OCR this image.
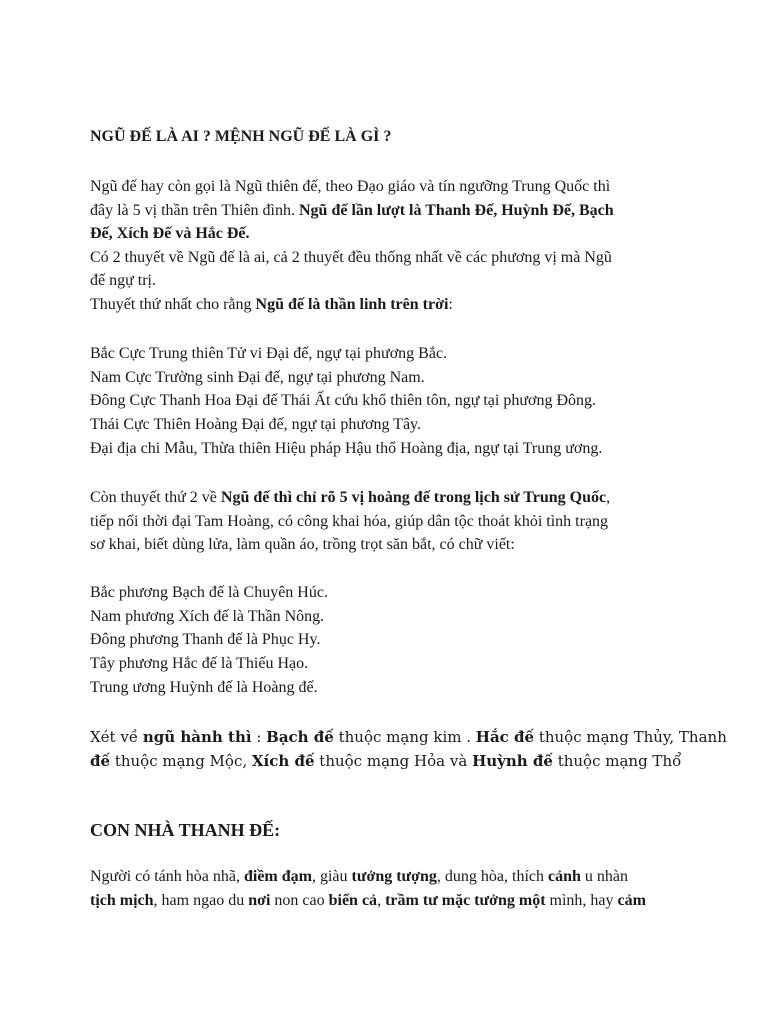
NGŨ ĐẾ LÀ AI ? MỆNH NGŨ ĐẾ LÀ GÌ ?
Ngũ đế hay còn gọi là Ngũ thiên đế, theo Đạo giáo và tín ngưỡng Trung Quốc thì
đây là 5 vị thần trên Thiên đình. Ngũ đế lần lượt là Thanh Đế, Huỳnh Đế, Bạch
Đế, Xích Đế và Hắc Đế.
Có 2 thuyết về Ngũ đế là ai, cả 2 thuyết đều thống nhất về các phương vị mà Ngũ
đế ngự trị.
Thuyết thứ nhất cho rằng Ngũ đế là thần linh trên trời:
Bắc Cực Trung thiên Tử vi Đại đế, ngự tại phương Bắc.
Nam Cực Trường sinh Đại đế, ngự tại phương Nam.
Đông Cực Thanh Hoa Đại đế Thái Ất cứu khổ thiên tôn, ngự tại phương Đông.
Thái Cực Thiên Hoàng Đại đế, ngự tại phương Tây.
Đại địa chi Mẫu, Thừa thiên Hiệu pháp Hậu thổ Hoàng địa, ngự tại Trung ương.
Còn thuyết thứ 2 về Ngũ đế thì chỉ rõ 5 vị hoàng đế trong lịch sử Trung Quốc,
tiếp nối thời đại Tam Hoàng, có công khai hóa, giúp dân tộc thoát khỏi tình trạng
sơ khai, biết dùng lửa, làm quần áo, trồng trọt săn bắt, có chữ viết:
Bắc phương Bạch đế là Chuyên Húc.
Nam phương Xích đế là Thần Nông.
Đông phương Thanh đế là Phục Hy.
Tây phương Hắc đế là Thiếu Hạo.
Trung ương Huỳnh đế là Hoàng đế.
Xét về ngũ hành thì : Bạch đế thuộc mạng kim . Hắc đế thuộc mạng Thủy, Thanh
đế thuộc mạng Mộc, Xích đế thuộc mạng Hỏa và Huỳnh đế thuộc mạng Thổ
CON NHÀ THANH ĐẾ:
Người có tánh hòa nhã, điềm đạm, giàu tưởng tượng, dung hòa, thích cảnh u nhàn
tịch mịch, ham ngao du nơi non cao biển cả, trầm tư mặc tưởng một mình, hay cảm
